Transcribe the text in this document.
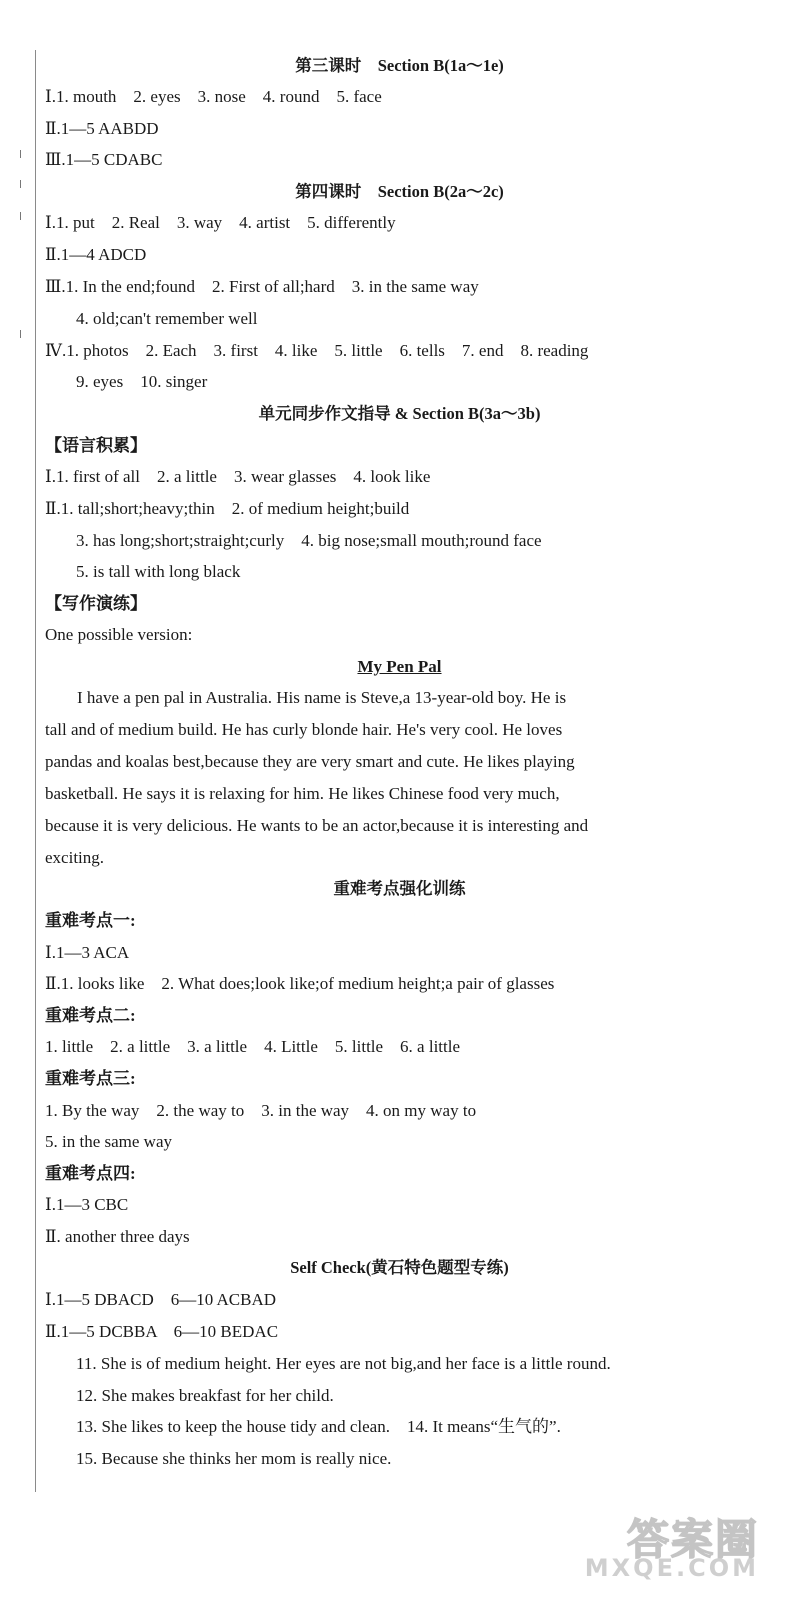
第三课时　Section B(1a～1e)
Ⅰ.1. mouth　2. eyes　3. nose　4. round　5. face
Ⅱ.1—5 AABDD
Ⅲ.1—5 CDABC
第四课时　Section B(2a～2c)
Ⅰ.1. put　2. Real　3. way　4. artist　5. differently
Ⅱ.1—4 ADCD
Ⅲ.1. In the end;found　2. First of all;hard　3. in the same way
4. old;can't remember well
Ⅳ.1. photos　2. Each　3. first　4. like　5. little　6. tells　7. end　8. reading
9. eyes　10. singer
单元同步作文指导 & Section B(3a～3b)
【语言积累】
Ⅰ.1. first of all　2. a little　3. wear glasses　4. look like
Ⅱ.1. tall;short;heavy;thin　2. of medium height;build
3. has long;short;straight;curly　4. big nose;small mouth;round face
5. is tall with long black
【写作演练】
One possible version:
My Pen Pal
重难考点强化训练
重难考点一:
Ⅰ.1—3 ACA
Ⅱ.1. looks like　2. What does;look like;of medium height;a pair of glasses
重难考点二:
1. little　2. a little　3. a little　4. Little　5. little　6. a little
重难考点三:
1. By the way　2. the way to　3. in the way　4. on my way to
5. in the same way
重难考点四:
Ⅰ.1—3 CBC
Ⅱ. another three days
Self Check(黄石特色题型专练)
Ⅰ.1—5 DBACD　6—10 ACBAD
Ⅱ.1—5 DCBBA　6—10 BEDAC
11. She is of medium height. Her eyes are not big,and her face is a little round.
12. She makes breakfast for her child.
13. She likes to keep the house tidy and clean.　14. It means“生气的”.
15. Because she thinks her mom is really nice.
I have a pen pal in Australia. His name is Steve,a 13-year-old boy. He is
tall and of medium build. He has curly blonde hair. He's very cool. He loves
pandas and koalas best,because they are very smart and cute. He likes playing
basketball. He says it is relaxing for him. He likes Chinese food very much,
because it is very delicious. He wants to be an actor,because it is interesting and
exciting.
答案圈
MXQE.COM
